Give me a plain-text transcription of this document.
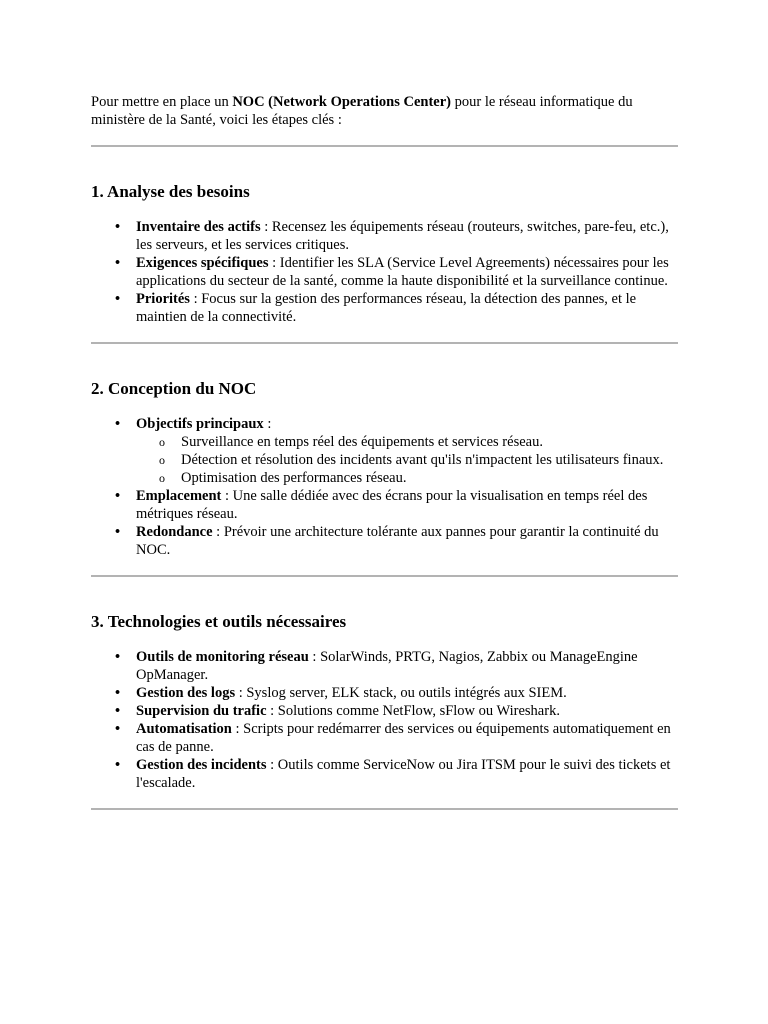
Pour mettre en place un NOC (Network Operations Center) pour le réseau informatique du ministère de la Santé, voici les étapes clés :

1. Analyse des besoins
• Inventaire des actifs : Recensez les équipements réseau (routeurs, switches, pare-feu, etc.), les serveurs, et les services critiques.
• Exigences spécifiques : Identifier les SLA (Service Level Agreements) nécessaires pour les applications du secteur de la santé, comme la haute disponibilité et la surveillance continue.
• Priorités : Focus sur la gestion des performances réseau, la détection des pannes, et le maintien de la connectivité.
2. Conception du NOC
• Objectifs principaux :
o Surveillance en temps réel des équipements et services réseau.
o Détection et résolution des incidents avant qu'ils n'impactent les utilisateurs finaux.
o Optimisation des performances réseau.
• Emplacement : Une salle dédiée avec des écrans pour la visualisation en temps réel des métriques réseau.
• Redondance : Prévoir une architecture tolérante aux pannes pour garantir la continuité du NOC.
3. Technologies et outils nécessaires
• Outils de monitoring réseau : SolarWinds, PRTG, Nagios, Zabbix ou ManageEngine OpManager.
• Gestion des logs : Syslog server, ELK stack, ou outils intégrés aux SIEM.
• Supervision du trafic : Solutions comme NetFlow, sFlow ou Wireshark.
• Automatisation : Scripts pour redémarrer des services ou équipements automatiquement en cas de panne.
• Gestion des incidents : Outils comme ServiceNow ou Jira ITSM pour le suivi des tickets et l'escalade.
